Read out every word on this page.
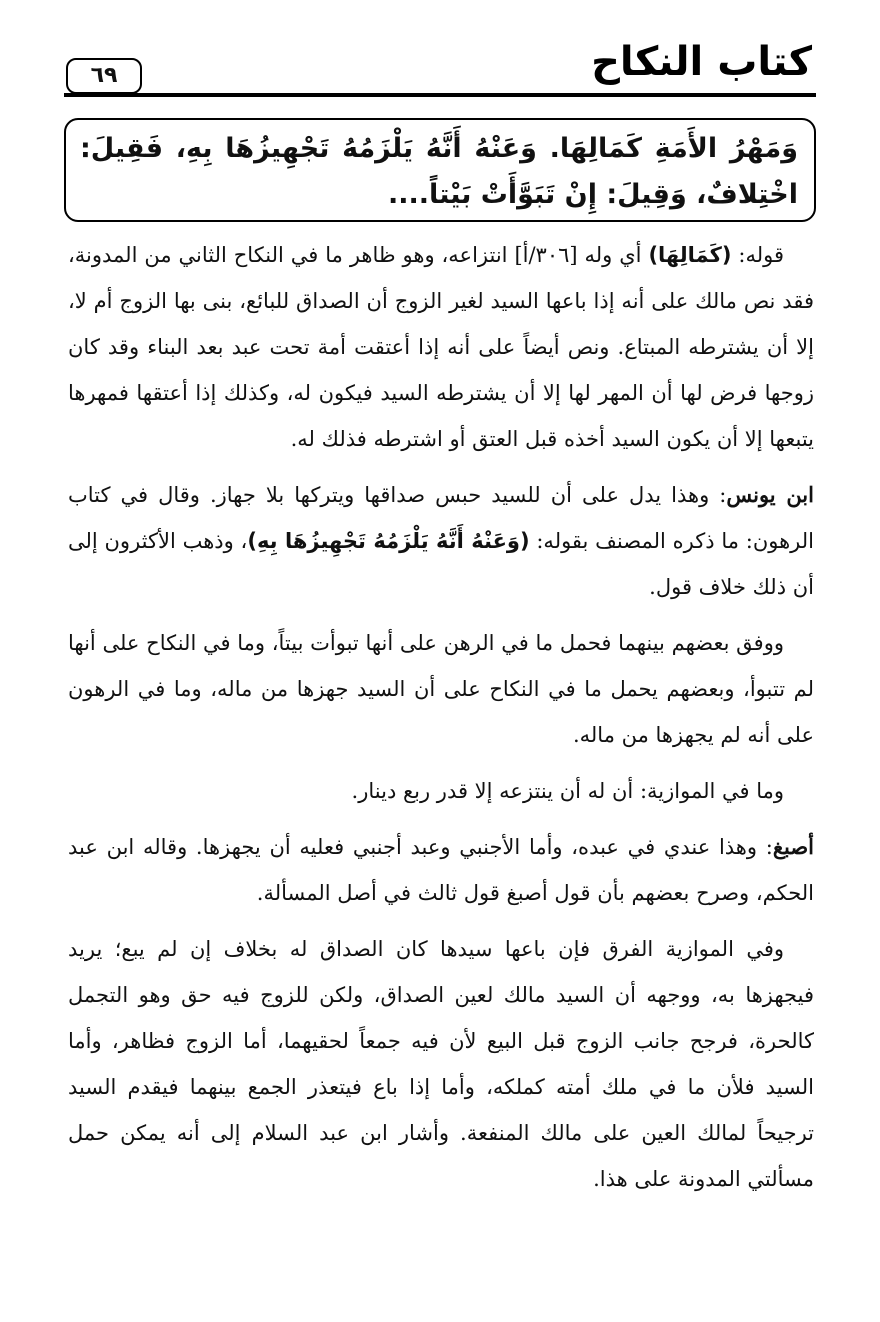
كتاب النكاح
٦٩
وَمَهْرُ الأَمَةِ كَمَالِهَا. وَعَنْهُ أَنَّهُ يَلْزَمُهُ تَجْهِيزُهَا بِهِ، فَقِيلَ: اخْتِلافٌ، وَقِيلَ: إِنْ تَبَوَّأَتْ بَيْتاً....

قوله: (كَمَالِهَا) أي وله [٣٠٦/أ] انتزاعه، وهو ظاهر ما في النكاح الثاني من المدونة، فقد نص مالك على أنه إذا باعها السيد لغير الزوج أن الصداق للبائع، بنى بها الزوج أم لا، إلا أن يشترطه المبتاع. ونص أيضاً على أنه إذا أعتقت أمة تحت عبد بعد البناء وقد كان زوجها فرض لها أن المهر لها إلا أن يشترطه السيد فيكون له، وكذلك إذا أعتقها فمهرها يتبعها إلا أن يكون السيد أخذه قبل العتق أو اشترطه فذلك له.

ابن يونس: وهذا يدل على أن للسيد حبس صداقها ويتركها بلا جهاز. وقال في كتاب الرهون: ما ذكره المصنف بقوله: (وَعَنْهُ أَنَّهُ يَلْزَمُهُ تَجْهِيزُهَا بِهِ)، وذهب الأكثرون إلى أن ذلك خلاف قول.

ووفق بعضهم بينهما فحمل ما في الرهن على أنها تبوأت بيتاً، وما في النكاح على أنها لم تتبوأ، وبعضهم يحمل ما في النكاح على أن السيد جهزها من ماله، وما في الرهون على أنه لم يجهزها من ماله.

وما في الموازية: أن له أن ينتزعه إلا قدر ربع دينار.

أصبغ: وهذا عندي في عبده، وأما الأجنبي وعبد أجنبي فعليه أن يجهزها. وقاله ابن عبد الحكم، وصرح بعضهم بأن قول أصبغ قول ثالث في أصل المسألة.

وفي الموازية الفرق فإن باعها سيدها كان الصداق له بخلاف إن لم يبع؛ يريد فيجهزها به، ووجهه أن السيد مالك لعين الصداق، ولكن للزوج فيه حق وهو التجمل كالحرة، فرجح جانب الزوج قبل البيع لأن فيه جمعاً لحقيهما، أما الزوج فظاهر، وأما السيد فلأن ما في ملك أمته كملكه، وأما إذا باع فيتعذر الجمع بينهما فيقدم السيد ترجيحاً لمالك العين على مالك المنفعة. وأشار ابن عبد السلام إلى أنه يمكن حمل مسألتي المدونة على هذا.
